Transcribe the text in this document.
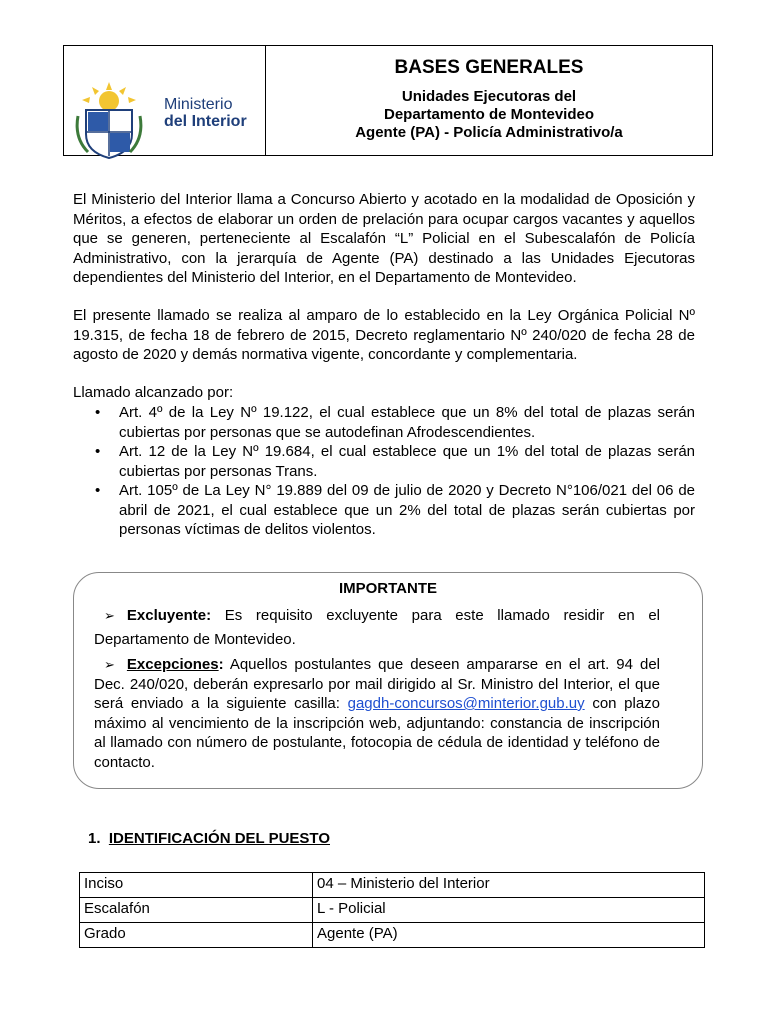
Ministerio
del Interior
BASES GENERALES
Unidades Ejecutoras del
Departamento de Montevideo
Agente (PA) - Policía Administrativo/a

El Ministerio del Interior llama a Concurso Abierto y acotado en la modalidad de Oposición y Méritos, a efectos de elaborar un orden de prelación para ocupar cargos vacantes y aquellos que se generen, perteneciente al Escalafón “L” Policial en el Subescalafón de Policía Administrativo, con la jerarquía de Agente (PA) destinado a las Unidades Ejecutoras dependientes del Ministerio del Interior, en el Departamento de Montevideo.

El presente llamado se realiza al amparo de lo establecido en la Ley Orgánica Policial Nº 19.315, de fecha 18 de febrero de 2015, Decreto reglamentario Nº 240/020 de fecha 28 de agosto de 2020 y demás normativa vigente, concordante y complementaria.

Llamado alcanzado por:

• Art. 4º de la Ley Nº 19.122, el cual establece que un 8% del total de plazas serán cubiertas por personas que se autodefinan Afrodescendientes.
• Art. 12 de la Ley Nº 19.684, el cual establece que un 1% del total de plazas serán cubiertas por personas Trans.
• Art. 105º de La Ley N° 19.889 del 09 de julio de 2020 y Decreto N°106/021 del 06 de abril de 2021, el cual establece que un 2% del total de plazas serán cubiertas por personas víctimas de delitos violentos.
IMPORTANTE

➢ Excluyente: Es requisito excluyente para este llamado residir en el Departamento de Montevideo.

➢ Excepciones: Aquellos postulantes que deseen ampararse en el art. 94 del Dec. 240/020, deberán expresarlo por mail dirigido al Sr. Ministro del Interior, el que será enviado a la siguiente casilla: gagdh-concursos@minterior.gub.uy con plazo máximo al vencimiento de la inscripción web, adjuntando: constancia de inscripción al llamado con número de postulante, fotocopia de cédula de identidad y teléfono de contacto.

1. IDENTIFICACIÓN DEL PUESTO
Inciso	04 – Ministerio del Interior
Escalafón	L - Policial
Grado	Agente (PA)
